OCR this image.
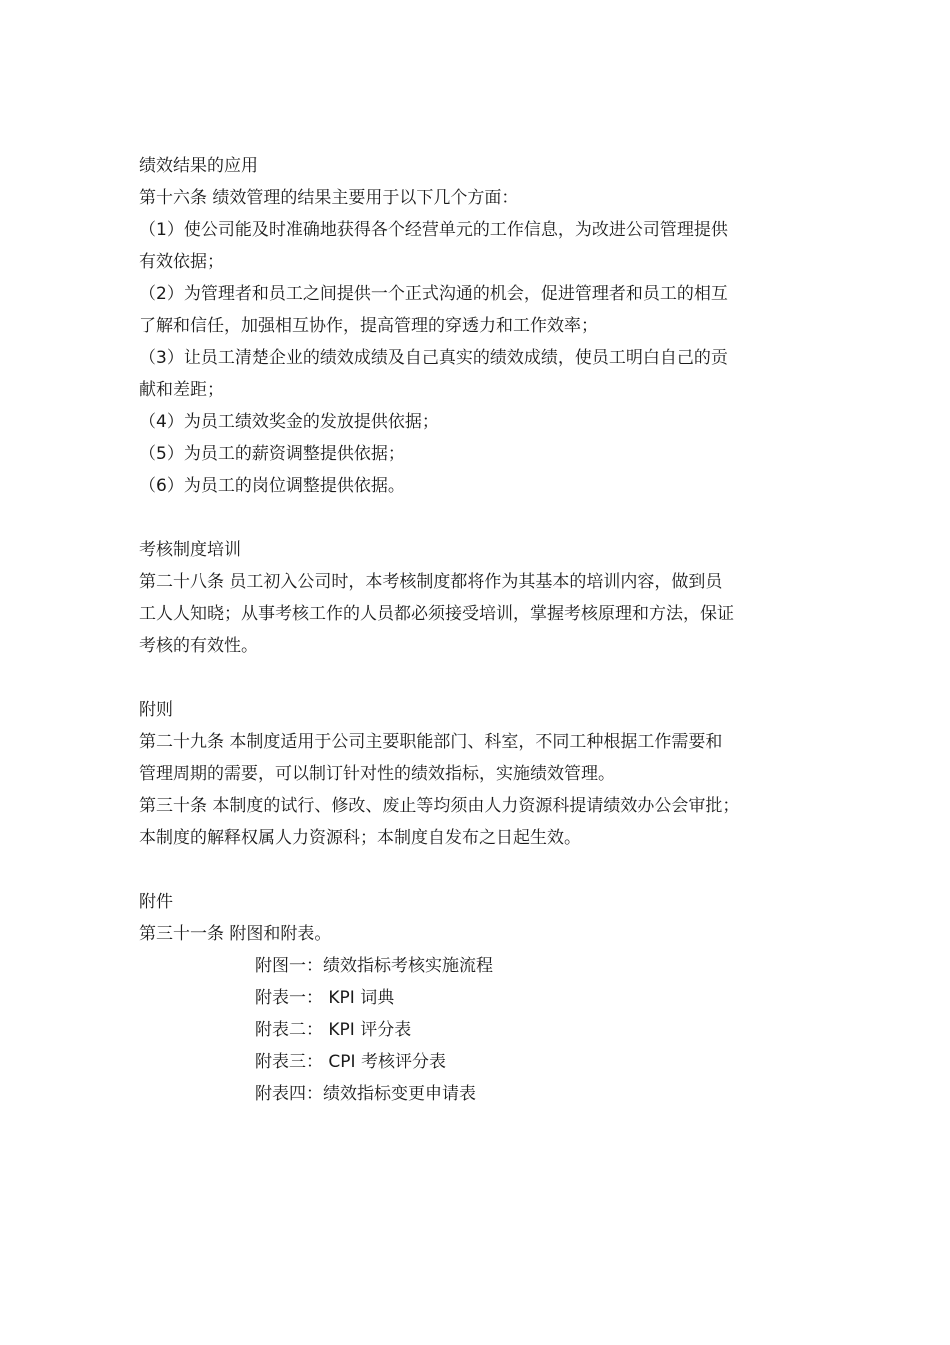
绩效结果的应用
第十六条 绩效管理的结果主要用于以下几个方面：
（1）使公司能及时准确地获得各个经营单元的工作信息，为改进公司管理提供
有效依据；
（2）为管理者和员工之间提供一个正式沟通的机会，促进管理者和员工的相互
了解和信任，加强相互协作，提高管理的穿透力和工作效率；
（3）让员工清楚企业的绩效成绩及自己真实的绩效成绩，使员工明白自己的贡
献和差距；
（4）为员工绩效奖金的发放提供依据；
（5）为员工的薪资调整提供依据；
（6）为员工的岗位调整提供依据。
考核制度培训
第二十八条 员工初入公司时，本考核制度都将作为其基本的培训内容，做到员
工人人知晓；从事考核工作的人员都必须接受培训，掌握考核原理和方法，保证
考核的有效性。
附则
第二十九条 本制度适用于公司主要职能部门、科室，不同工种根据工作需要和
管理周期的需要，可以制订针对性的绩效指标，实施绩效管理。
第三十条 本制度的试行、修改、废止等均须由人力资源科提请绩效办公会审批；
本制度的解释权属人力资源科；本制度自发布之日起生效。
附件
第三十一条 附图和附表。
附图一：绩效指标考核实施流程
附表一： KPI 词典
附表二： KPI 评分表
附表三： CPI 考核评分表
附表四：绩效指标变更申请表
